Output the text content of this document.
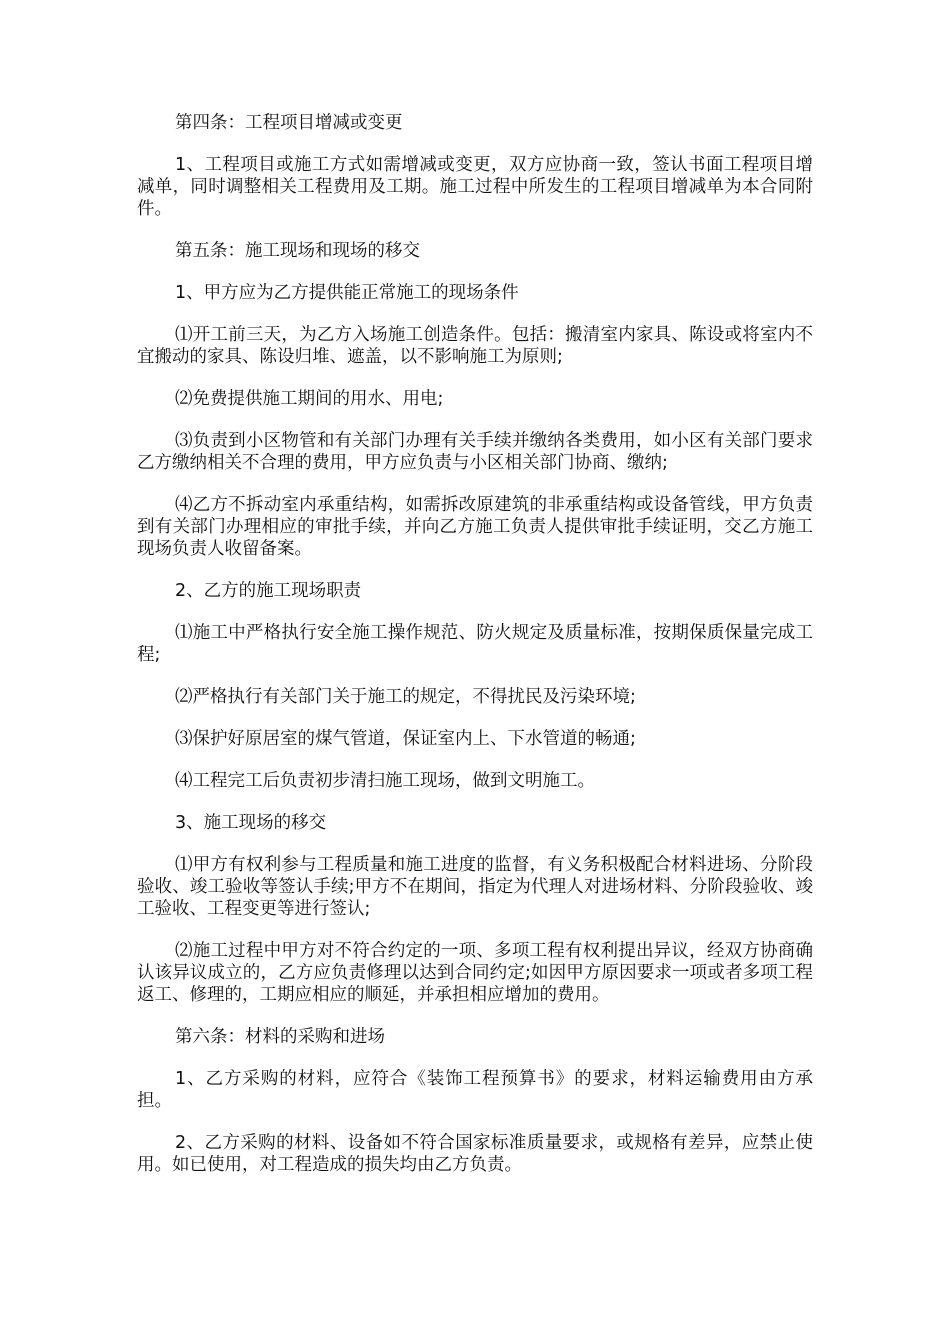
第四条：工程项目增减或变更

1、工程项目或施工方式如需增减或变更，双方应协商一致，签认书面工程项目增减单，同时调整相关工程费用及工期。施工过程中所发生的工程项目增减单为本合同附件。

第五条：施工现场和现场的移交

1、甲方应为乙方提供能正常施工的现场条件

⑴开工前三天，为乙方入场施工创造条件。包括：搬清室内家具、陈设或将室内不宜搬动的家具、陈设归堆、遮盖，以不影响施工为原则;

⑵免费提供施工期间的用水、用电;

⑶负责到小区物管和有关部门办理有关手续并缴纳各类费用，如小区有关部门要求乙方缴纳相关不合理的费用，甲方应负责与小区相关部门协商、缴纳;

⑷乙方不拆动室内承重结构，如需拆改原建筑的非承重结构或设备管线，甲方负责到有关部门办理相应的审批手续，并向乙方施工负责人提供审批手续证明，交乙方施工现场负责人收留备案。

2、乙方的施工现场职责

⑴施工中严格执行安全施工操作规范、防火规定及质量标准，按期保质保量完成工程;

⑵严格执行有关部门关于施工的规定，不得扰民及污染环境;

⑶保护好原居室的煤气管道，保证室内上、下水管道的畅通;

⑷工程完工后负责初步清扫施工现场，做到文明施工。

3、施工现场的移交

⑴甲方有权利参与工程质量和施工进度的监督，有义务积极配合材料进场、分阶段验收、竣工验收等签认手续;甲方不在期间，指定为代理人对进场材料、分阶段验收、竣工验收、工程变更等进行签认;

⑵施工过程中甲方对不符合约定的一项、多项工程有权利提出异议，经双方协商确认该异议成立的，乙方应负责修理以达到合同约定;如因甲方原因要求一项或者多项工程返工、修理的，工期应相应的顺延，并承担相应增加的费用。

第六条：材料的采购和进场

1、乙方采购的材料，应符合《装饰工程预算书》的要求，材料运输费用由方承担。

2、乙方采购的材料、设备如不符合国家标准质量要求，或规格有差异，应禁止使用。如已使用，对工程造成的损失均由乙方负责。
